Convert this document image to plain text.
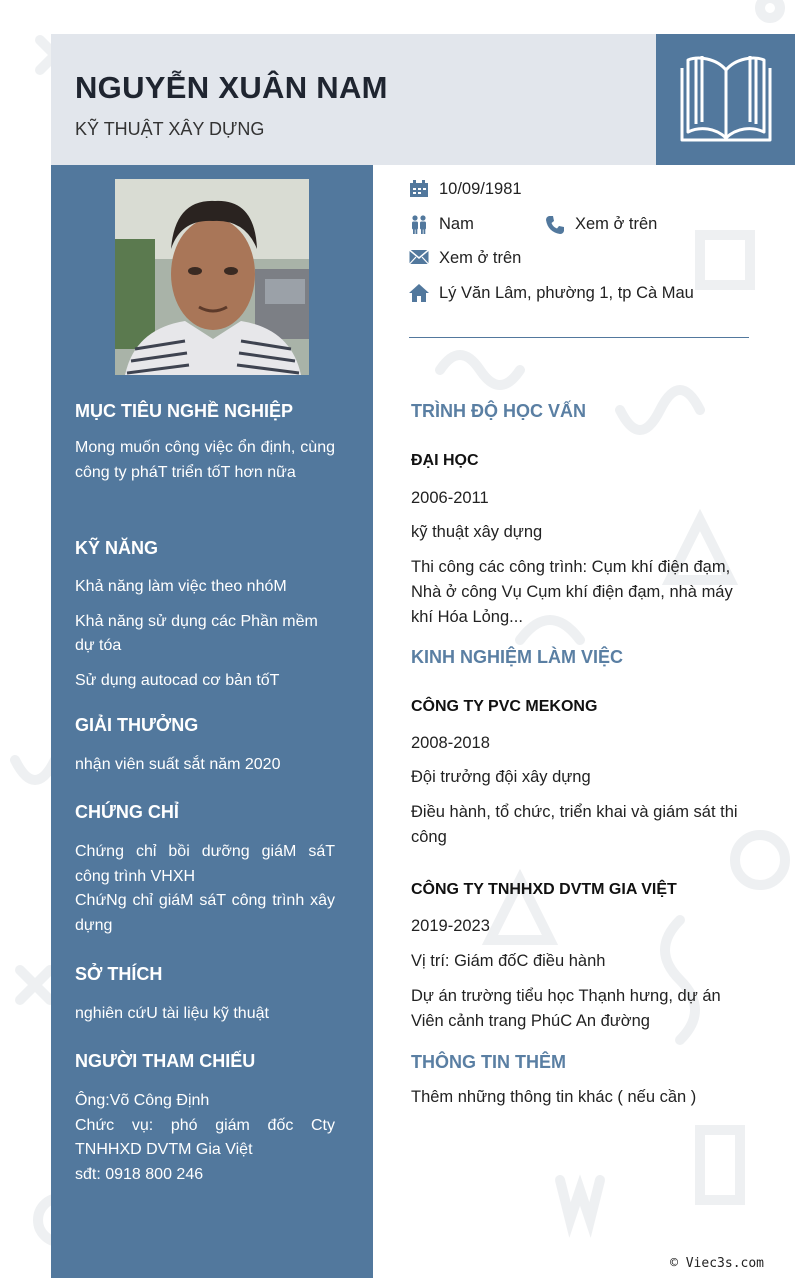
NGUYỄN XUÂN NAM

KỸ THUẬT XÂY DỰNG

MỤC TIÊU NGHỀ NGHIỆP

Mong muốn công việc ổn định, cùng công ty pháT triển tốT hơn nữa

KỸ NĂNG

Khả năng làm việc theo nhóM

Khả năng sử dụng các Phần mềm dự tóa

Sử dụng autocad cơ bản tốT

GIẢI THƯỞNG

nhận viên suất sắt năm 2020

CHỨNG CHỈ

Chứng chỉ bồi dưỡng giáM sáT công trình VHXH

ChứNg chỉ giáM sáT công trình xây dựng

SỞ THÍCH

nghiên cứU tài liệu kỹ thuật

NGƯỜI THAM CHIẾU

Ông:Võ Công Định

Chức vụ: phó giám đốc Cty TNHHXD DVTM Gia Việt

sđt: 0918 800 246

10/09/1981
Nam	Xem ở trên
Xem ở trên
Lý Văn Lâm, phường 1, tp Cà Mau
TRÌNH ĐỘ HỌC VẤN

ĐẠI HỌC

2006-2011

kỹ thuật xây dựng

Thi công các công trình: Cụm khí điện đạm, Nhà ở công Vụ Cụm khí điện đạm, nhà máy khí Hóa Lỏng...

KINH NGHIỆM LÀM VIỆC

CÔNG TY PVC MEKONG

2008-2018

Đội trưởng đội xây dựng

Điều hành, tổ chức, triển khai và giám sát thi công

CÔNG TY TNHHXD DVTM GIA VIỆT

2019-2023

Vị trí: Giám đốC điều hành

Dự án trường tiểu học Thạnh hưng, dự án Viên cảnh trang PhúC An đường

THÔNG TIN THÊM

Thêm những thông tin khác ( nếu cần )

© Viec3s.com
